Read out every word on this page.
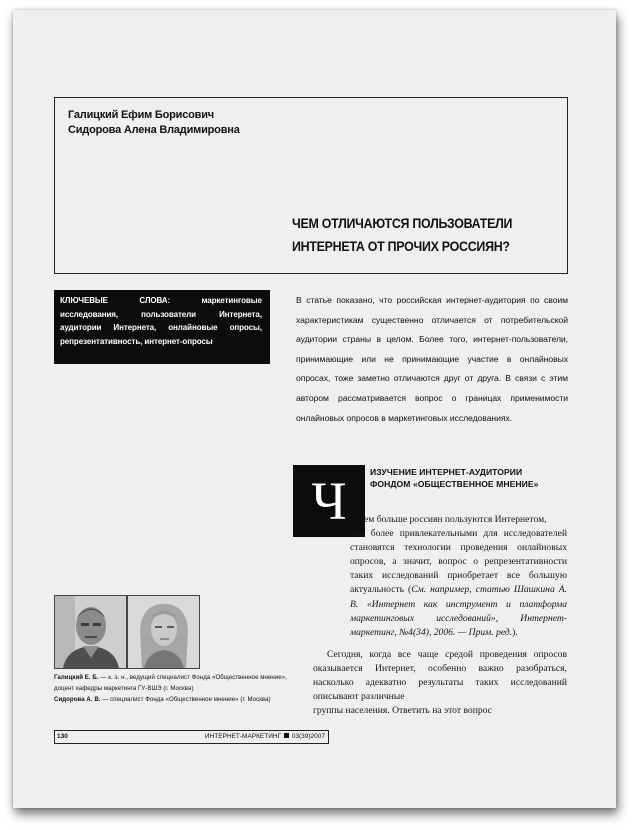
Галицкий Ефим Борисович
Сидорова Алена Владимировна
ЧЕМ ОТЛИЧАЮТСЯ ПОЛЬЗОВАТЕЛИ
ИНТЕРНЕТА ОТ ПРОЧИХ РОССИЯН?
КЛЮЧЕВЫЕ СЛОВА: маркетинговые исследования, пользователи Интернета, аудитории Интернета, онлайновые опросы, репрезентативность, интернет-опросы
В статье показано, что российская интернет-аудитория по своим характеристикам существенно отличается от потребительской аудитории страны в целом. Более того, интернет-пользователи, принимающие или не принимающие участие в онлайновых опросах, тоже заметно отличаются друг от друга. В связи с этим автором рассматривается вопрос о границах применимости онлайновых опросов в маркетинговых исследованиях.
Ч	ИЗУЧЕНИЕ ИНТЕРНЕТ-АУДИТОРИИ
ФОНДОМ «ОБЩЕСТВЕННОЕ МНЕНИЕ»
ем больше россиян пользуются Интернетом,
тем более привлекательными для исследователей становятся технологии проведения онлайновых опросов, а значит, вопрос о репрезентативности таких исследований приобретает все большую актуальность (См. например, статью Шашкина А. В. «Интернет как инструмент и платформа маркетинговых исследований», Интернет-маркетинг, №4(34), 2006. — Прим. ред.).
Сегодня, когда все чаще средой проведения опросов оказывается Интернет, особенно важно разобраться, насколько адекватно результаты таких исследований описывают различные
группы населения. Ответить на этот вопрос
Галицкий Е. Б. — к. э. н., ведущий специалист Фонда «Общественное мнение»,
доцент кафедры маркетинга ГУ-ВШЭ (г. Москва)
Сидорова А. В. — специалист Фонда «Общественное мнение» (г. Москва)
130	ИНТЕРНЕТ-МАРКЕТИНГ 03(39)2007
